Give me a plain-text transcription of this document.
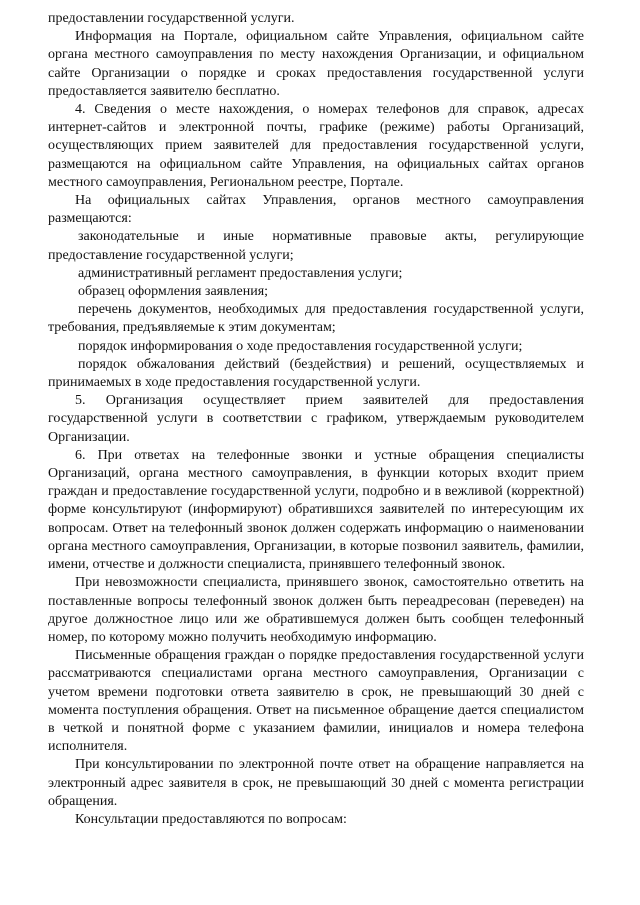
предоставлении государственной услуги.

Информация на Портале, официальном сайте Управления, официальном сайте органа местного самоуправления по месту нахождения Организации, и официальном сайте Организации о порядке и сроках предоставления государственной услуги предоставляется заявителю бесплатно.

4. Сведения о месте нахождения, о номерах телефонов для справок, адресах интернет-сайтов и электронной почты, графике (режиме) работы Организаций, осуществляющих прием заявителей для предоставления государственной услуги, размещаются на официальном сайте Управления, на официальных сайтах органов местного самоуправления, Региональном реестре, Портале.

На официальных сайтах Управления, органов местного самоуправления размещаются:

законодательные и иные нормативные правовые акты, регулирующие предоставление государственной услуги;

административный регламент предоставления услуги;

образец оформления заявления;

перечень документов, необходимых для предоставления государственной услуги, требования, предъявляемые к этим документам;

порядок информирования о ходе предоставления государственной услуги;

порядок обжалования действий (бездействия) и решений, осуществляемых и принимаемых в ходе предоставления государственной услуги.

5. Организация осуществляет прием заявителей для предоставления государственной услуги в соответствии с графиком, утверждаемым руководителем Организации.

6. При ответах на телефонные звонки и устные обращения специалисты Организаций, органа местного самоуправления, в функции которых входит прием граждан и предоставление государственной услуги, подробно и в вежливой (корректной) форме консультируют (информируют) обратившихся заявителей по интересующим их вопросам. Ответ на телефонный звонок должен содержать информацию о наименовании органа местного самоуправления, Организации, в которые позвонил заявитель, фамилии, имени, отчестве и должности специалиста, принявшего телефонный звонок.

При невозможности специалиста, принявшего звонок, самостоятельно ответить на поставленные вопросы телефонный звонок должен быть переадресован (переведен) на другое должностное лицо или же обратившемуся должен быть сообщен телефонный номер, по которому можно получить необходимую информацию.

Письменные обращения граждан о порядке предоставления государственной услуги рассматриваются специалистами органа местного самоуправления, Организации с учетом времени подготовки ответа заявителю в срок, не превышающий 30 дней с момента поступления обращения. Ответ на письменное обращение дается специалистом в четкой и понятной форме с указанием фамилии, инициалов и номера телефона исполнителя.

При консультировании по электронной почте ответ на обращение направляется на электронный адрес заявителя в срок, не превышающий 30 дней с момента регистрации обращения.

Консультации предоставляются по вопросам:
